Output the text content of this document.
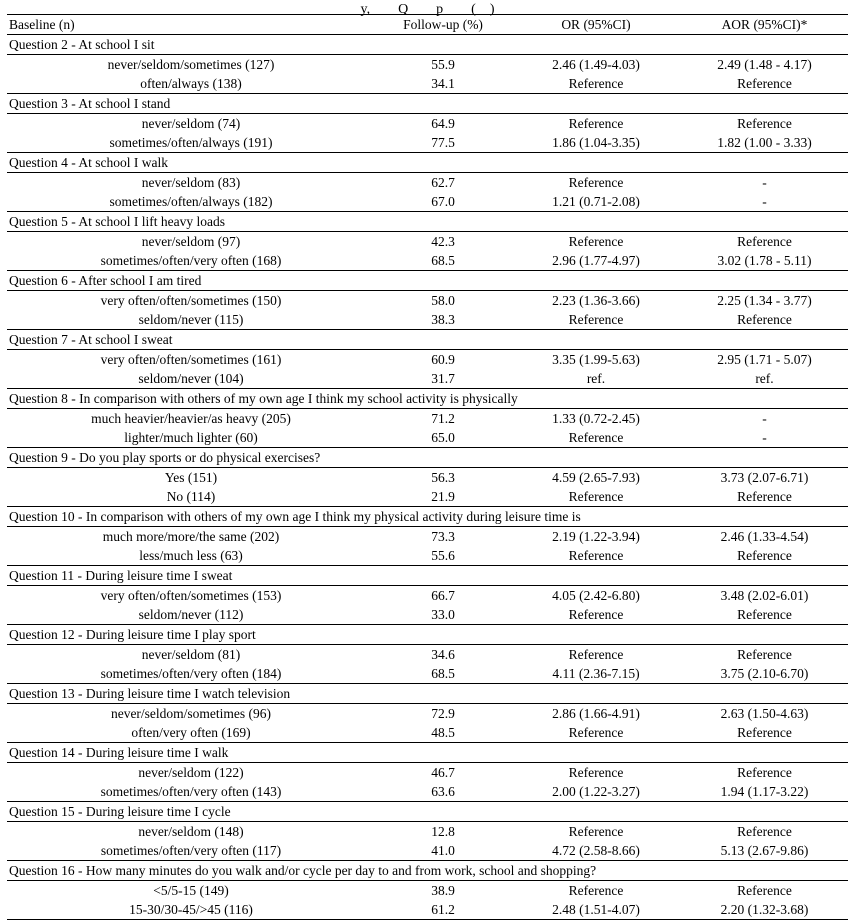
y,        Q        p        (    )
Baseline (n)	Follow-up (%)	OR (95%CI)	AOR (95%CI)*
Question 2 - At school I sit			
never/seldom/sometimes (127)	55.9	2.46 (1.49-4.03)	2.49 (1.48 - 4.17)
often/always (138)	34.1	Reference	Reference
Question 3 - At school I stand			
never/seldom (74)	64.9	Reference	Reference
sometimes/often/always (191)	77.5	1.86 (1.04-3.35)	1.82 (1.00 - 3.33)
Question 4 - At school I walk			
never/seldom (83)	62.7	Reference	-
sometimes/often/always (182)	67.0	1.21 (0.71-2.08)	-
Question 5 - At school I lift heavy loads			
never/seldom (97)	42.3	Reference	Reference
sometimes/often/very often (168)	68.5	2.96 (1.77-4.97)	3.02 (1.78 - 5.11)
Question 6 - After school I am tired			
very often/often/sometimes (150)	58.0	2.23 (1.36-3.66)	2.25 (1.34 - 3.77)
seldom/never (115)	38.3	Reference	Reference
Question 7 - At school I sweat			
very often/often/sometimes (161)	60.9	3.35 (1.99-5.63)	2.95 (1.71 - 5.07)
seldom/never (104)	31.7	ref.	ref.
Question 8 - In comparison with others of my own age I think my school activity is physically			
much heavier/heavier/as heavy (205)	71.2	1.33 (0.72-2.45)	-
lighter/much lighter (60)	65.0	Reference	-
Question 9 - Do you play sports or do physical exercises?			
Yes (151)	56.3	4.59 (2.65-7.93)	3.73 (2.07-6.71)
No (114)	21.9	Reference	Reference
Question 10 - In comparison with others of my own age I think my physical activity during leisure time is			
much more/more/the same (202)	73.3	2.19 (1.22-3.94)	2.46 (1.33-4.54)
less/much less (63)	55.6	Reference	Reference
Question 11 - During leisure time I sweat			
very often/often/sometimes (153)	66.7	4.05 (2.42-6.80)	3.48 (2.02-6.01)
seldom/never (112)	33.0	Reference	Reference
Question 12 - During leisure time I play sport			
never/seldom (81)	34.6	Reference	Reference
sometimes/often/very often (184)	68.5	4.11 (2.36-7.15)	3.75 (2.10-6.70)
Question 13 - During leisure time I watch television			
never/seldom/sometimes (96)	72.9	2.86 (1.66-4.91)	2.63 (1.50-4.63)
often/very often (169)	48.5	Reference	Reference
Question 14 - During leisure time I walk			
never/seldom (122)	46.7	Reference	Reference
sometimes/often/very often (143)	63.6	2.00 (1.22-3.27)	1.94 (1.17-3.22)
Question 15 - During leisure time I cycle			
never/seldom (148)	12.8	Reference	Reference
sometimes/often/very often (117)	41.0	4.72 (2.58-8.66)	5.13 (2.67-9.86)
Question 16 - How many minutes do you walk and/or cycle per day to and from work, school and shopping?			
<5/5-15 (149)	38.9	Reference	Reference
15-30/30-45/>45 (116)	61.2	2.48 (1.51-4.07)	2.20 (1.32-3.68)
